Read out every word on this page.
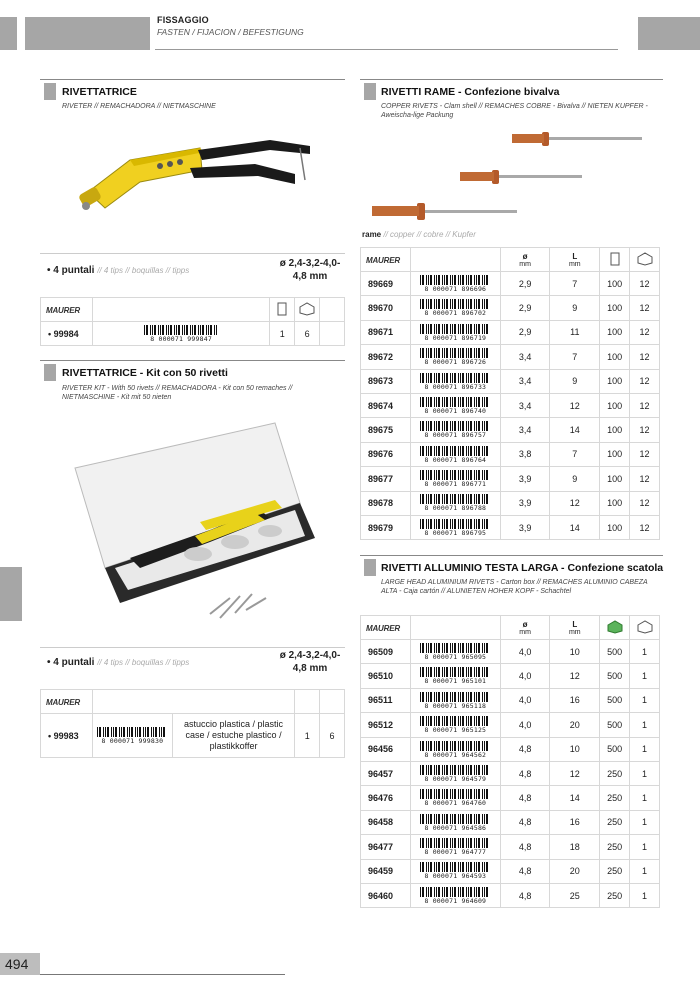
FISSAGGIO
FASTEN / FIJACION / BEFESTIGUNG
494
RIVETTATRICE
RIVETER // REMACHADORA // NIETMASCHINE
• 4 puntali // 4 tips // boquillas // tipps
ø 2,4-3,2-4,0- 4,8 mm
MAURER				
• 99984	8 000071 999847	1	6	
RIVETTATRICE - Kit con 50 rivetti
RIVETER KIT - With 50 rivets // REMACHADORA - Kit con 50 remaches // NIETMASCHINE - Kit mit 50 nieten
• 4 puntali // 4 tips // boquillas // tipps
ø 2,4-3,2-4,0- 4,8 mm
MAURER				
• 99983	8 000071 999830	astuccio plastica / plastic case / estuche plastico / plastikkoffer	1	6
RIVETTI RAME - Confezione bivalva
COPPER RIVETS - Clam shell // REMACHES COBRE - Bivalva // NIETEN KUPFER - Aweischa-lige Packung
rame // copper // cobre // Kupfer
MAURER		ø
mm	L
mm

89669	8 000071 896696	2,9	7	100	12
89670	8 000071 896702	2,9	9	100	12
89671	8 000071 896719	2,9	11	100	12
89672	8 000071 896726	3,4	7	100	12
89673	8 000071 896733	3,4	9	100	12
89674	8 000071 896740	3,4	12	100	12
89675	8 000071 896757	3,4	14	100	12
89676	8 000071 896764	3,8	7	100	12
89677	8 000071 896771	3,9	9	100	12
89678	8 000071 896788	3,9	12	100	12
89679	8 000071 896795	3,9	14	100	12
RIVETTI ALLUMINIO TESTA LARGA - Confezione scatola
LARGE HEAD ALUMINIUM RIVETS - Carton box // REMACHES ALUMINIO CABEZA ALTA - Caja cartón // ALUNIETEN HOHER KOPF - Schachtel
MAURER		ø
mm	L
mm

96509	8 000071 965095	4,0	10	500	1
96510	8 000071 965101	4,0	12	500	1
96511	8 000071 965118	4,0	16	500	1
96512	8 000071 965125	4,0	20	500	1
96456	8 000071 964562	4,8	10	500	1
96457	8 000071 964579	4,8	12	250	1
96476	8 000071 964760	4,8	14	250	1
96458	8 000071 964586	4,8	16	250	1
96477	8 000071 964777	4,8	18	250	1
96459	8 000071 964593	4,8	20	250	1
96460	8 000071 964609	4,8	25	250	1
